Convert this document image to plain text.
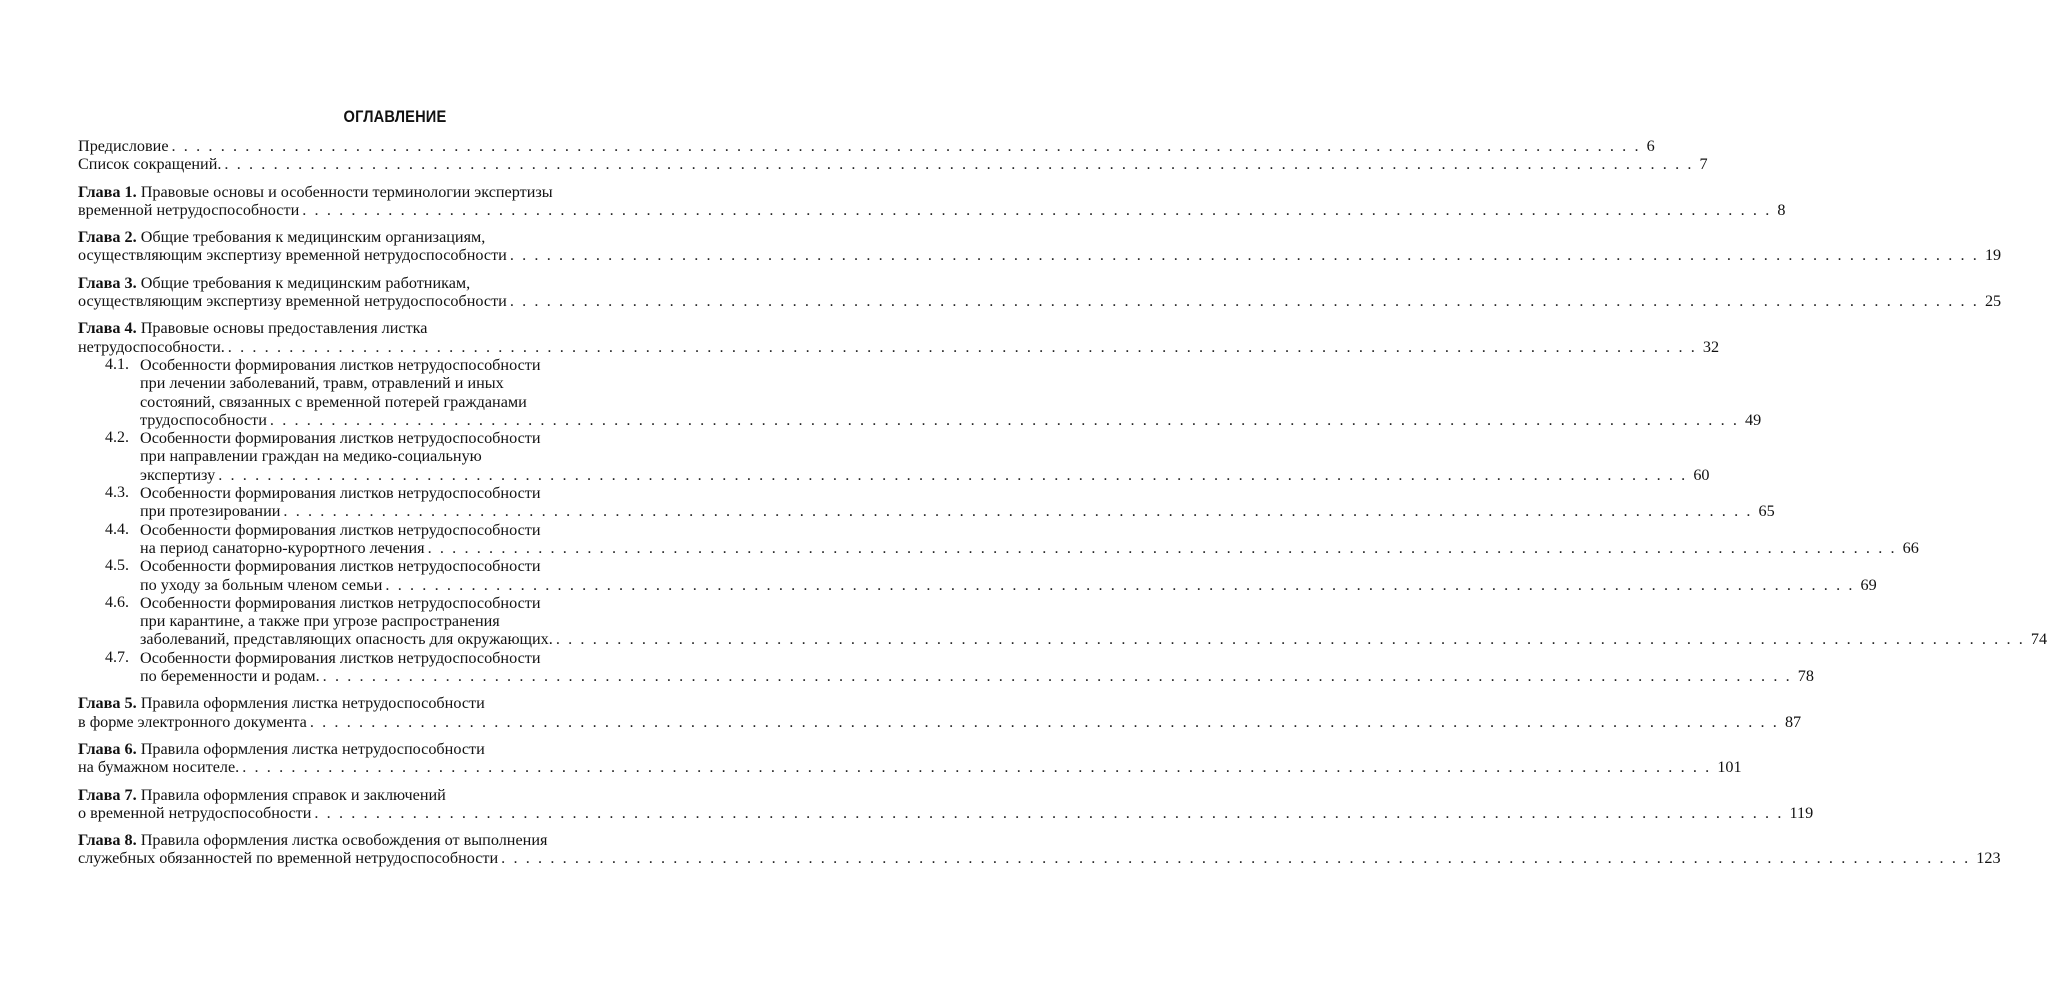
ОГЛАВЛЕНИЕ
Предисловие . . . . . . . . . . . . . . . . . . . . . . . . . . . . . . . . . . . . . . . . . . . . . . . . . . . . . . . . . . . . . . . . . . . . . . . . . . . . . . . . . . . . . . . . . . . . . . . . . . . . . . . . . . . . . . . . . . . . . . . . 6
Список сокращений. . . . . . . . . . . . . . . . . . . . . . . . . . . . . . . . . . . . . . . . . . . . . . . . . . . . . . . . . . . . . . . . . . . . . . . . . . . . . . . . . . . . . . . . . . . . . . . . . . . . . . . . . . . . . . . . . . . . . . . . . 7
Глава 1. Правовые основы и особенности терминологии экспертизы
временной нетрудоспособности . . . . . . . . . . . . . . . . . . . . . . . . . . . . . . . . . . . . . . . . . . . . . . . . . . . . . . . . . . . . . . . . . . . . . . . . . . . . . . . . . . . . . . . . . . . . . . . . . . . . . . . . . . . . . . . . . . . . . . . . 8
Глава 2. Общие требования к медицинским организациям,
осуществляющим экспертизу временной нетрудоспособности . . . . . . . . . . . . . . . . . . . . . . . . . . . . . . . . . . . . . . . . . . . . . . . . . . . . . . . . . . . . . . . . . . . . . . . . . . . . . . . . . . . . . . . . . . . . . . . . . . . . . . . . . . . . . . . . . . . . . . . . 19
Глава 3. Общие требования к медицинским работникам,
осуществляющим экспертизу временной нетрудоспособности . . . . . . . . . . . . . . . . . . . . . . . . . . . . . . . . . . . . . . . . . . . . . . . . . . . . . . . . . . . . . . . . . . . . . . . . . . . . . . . . . . . . . . . . . . . . . . . . . . . . . . . . . . . . . . . . . . . . . . . . 25
Глава 4. Правовые основы предоставления листка
нетрудоспособности. . . . . . . . . . . . . . . . . . . . . . . . . . . . . . . . . . . . . . . . . . . . . . . . . . . . . . . . . . . . . . . . . . . . . . . . . . . . . . . . . . . . . . . . . . . . . . . . . . . . . . . . . . . . . . . . . . . . . . . . . 32
4.1. Особенности формирования листков нетрудоспособности
при лечении заболеваний, травм, отравлений и иных
состояний, связанных с временной потерей гражданами
трудоспособности . . . . . . . . . . . . . . . . . . . . . . . . . . . . . . . . . . . . . . . . . . . . . . . . . . . . . . . . . . . . . . . . . . . . . . . . . . . . . . . . . . . . . . . . . . . . . . . . . . . . . . . . . . . . . . . . . . . . . . . . 49
4.2. Особенности формирования листков нетрудоспособности
при направлении граждан на медико-социальную
экспертизу . . . . . . . . . . . . . . . . . . . . . . . . . . . . . . . . . . . . . . . . . . . . . . . . . . . . . . . . . . . . . . . . . . . . . . . . . . . . . . . . . . . . . . . . . . . . . . . . . . . . . . . . . . . . . . . . . . . . . . . . 60
4.3. Особенности формирования листков нетрудоспособности
при протезировании . . . . . . . . . . . . . . . . . . . . . . . . . . . . . . . . . . . . . . . . . . . . . . . . . . . . . . . . . . . . . . . . . . . . . . . . . . . . . . . . . . . . . . . . . . . . . . . . . . . . . . . . . . . . . . . . . . . . . . . . 65
4.4. Особенности формирования листков нетрудоспособности
на период санаторно-курортного лечения . . . . . . . . . . . . . . . . . . . . . . . . . . . . . . . . . . . . . . . . . . . . . . . . . . . . . . . . . . . . . . . . . . . . . . . . . . . . . . . . . . . . . . . . . . . . . . . . . . . . . . . . . . . . . . . . . . . . . . . . 66
4.5. Особенности формирования листков нетрудоспособности
по уходу за больным членом семьи . . . . . . . . . . . . . . . . . . . . . . . . . . . . . . . . . . . . . . . . . . . . . . . . . . . . . . . . . . . . . . . . . . . . . . . . . . . . . . . . . . . . . . . . . . . . . . . . . . . . . . . . . . . . . . . . . . . . . . . . 69
4.6. Особенности формирования листков нетрудоспособности
при карантине, а также при угрозе распространения
заболеваний, представляющих опасность для окружающих. . . . . . . . . . . . . . . . . . . . . . . . . . . . . . . . . . . . . . . . . . . . . . . . . . . . . . . . . . . . . . . . . . . . . . . . . . . . . . . . . . . . . . . . . . . . . . . . . . . . . . . . . . . . . . . . . . . . . . . . . 74
4.7. Особенности формирования листков нетрудоспособности
по беременности и родам. . . . . . . . . . . . . . . . . . . . . . . . . . . . . . . . . . . . . . . . . . . . . . . . . . . . . . . . . . . . . . . . . . . . . . . . . . . . . . . . . . . . . . . . . . . . . . . . . . . . . . . . . . . . . . . . . . . . . . . . . 78
Глава 5. Правила оформления листка нетрудоспособности
в форме электронного документа . . . . . . . . . . . . . . . . . . . . . . . . . . . . . . . . . . . . . . . . . . . . . . . . . . . . . . . . . . . . . . . . . . . . . . . . . . . . . . . . . . . . . . . . . . . . . . . . . . . . . . . . . . . . . . . . . . . . . . . . 87
Глава 6. Правила оформления листка нетрудоспособности
на бумажном носителе. . . . . . . . . . . . . . . . . . . . . . . . . . . . . . . . . . . . . . . . . . . . . . . . . . . . . . . . . . . . . . . . . . . . . . . . . . . . . . . . . . . . . . . . . . . . . . . . . . . . . . . . . . . . . . . . . . . . . . . . . 101
Глава 7. Правила оформления справок и заключений
о временной нетрудоспособности . . . . . . . . . . . . . . . . . . . . . . . . . . . . . . . . . . . . . . . . . . . . . . . . . . . . . . . . . . . . . . . . . . . . . . . . . . . . . . . . . . . . . . . . . . . . . . . . . . . . . . . . . . . . . . . . . . . . . . . . 119
Глава 8. Правила оформления листка освобождения от выполнения
служебных обязанностей по временной нетрудоспособности . . . . . . . . . . . . . . . . . . . . . . . . . . . . . . . . . . . . . . . . . . . . . . . . . . . . . . . . . . . . . . . . . . . . . . . . . . . . . . . . . . . . . . . . . . . . . . . . . . . . . . . . . . . . . . . . . . . . . . . . 123
